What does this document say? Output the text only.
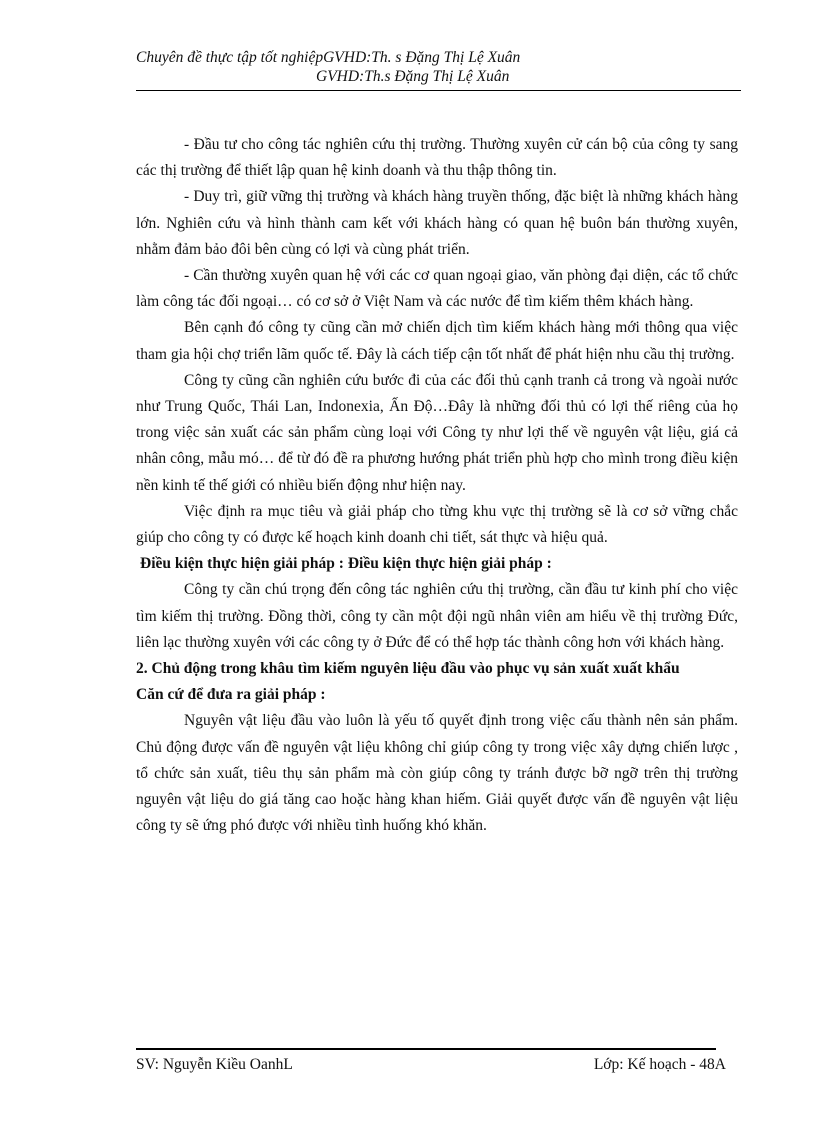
Chuyên đề thực tập tốt nghiệpGVHD:Th. s Đặng Thị Lệ Xuân
GVHD:Th.s Đặng Thị Lệ Xuân

- Đầu tư cho công tác nghiên cứu thị trường. Thường xuyên cử cán bộ của công ty sang các thị trường để thiết lập quan hệ kinh doanh và thu thập thông tin.

- Duy trì, giữ vững thị trường và khách hàng truyền thống, đặc biệt là những khách hàng lớn. Nghiên cứu và hình thành cam kết với khách hàng có quan hệ buôn bán thường xuyên, nhằm đảm bảo đôi bên cùng có lợi và cùng phát triển.

- Cần thường xuyên quan hệ với các cơ quan ngoại giao, văn phòng đại diện, các tổ chức làm công tác đối ngoại… có cơ sở ở Việt Nam và các nước để tìm kiếm thêm khách hàng.

Bên cạnh đó công ty cũng cần mở chiến dịch tìm kiếm khách hàng mới thông qua việc tham gia hội chợ triển lãm quốc tế. Đây là cách tiếp cận tốt nhất để phát hiện nhu cầu thị trường.

Công ty cũng cần nghiên cứu bước đi của các đối thủ cạnh tranh cả trong và ngoài nước như Trung Quốc, Thái Lan, Indonexia, Ấn Độ…Đây là những đối thủ có lợi thế riêng của họ trong việc sản xuất các sản phẩm cùng loại với Công ty như lợi thế về nguyên vật liệu, giá cả nhân công, mẫu mó… để từ đó đề ra phương hướng phát triển phù hợp cho mình trong điều kiện nền kinh tế thế giới có nhiều biến động như hiện nay.

Việc định ra mục tiêu và giải pháp cho từng khu vực thị trường sẽ là cơ sở vững chắc giúp cho công ty có được kế hoạch kinh doanh chi tiết, sát thực và hiệu quả.

Điều kiện thực hiện giải pháp : Điều kiện thực hiện giải pháp :

Công ty cần chú trọng đến công tác nghiên cứu thị trường, cần đầu tư kinh phí cho việc tìm kiếm thị trường. Đồng thời, công ty cần một đội ngũ nhân viên am hiểu về thị trường Đức, liên lạc thường xuyên với các công ty ở Đức để có thể hợp tác thành công hơn với khách hàng.

2. Chủ động trong khâu tìm kiếm nguyên liệu đầu vào phục vụ sản xuất xuất khẩu
Căn cứ để đưa ra giải pháp :

Nguyên vật liệu đầu vào luôn là yếu tố quyết định trong việc cấu thành nên sản phẩm. Chủ động được vấn đề nguyên vật liệu không chỉ giúp công ty trong việc xây dựng chiến lược , tổ chức sản xuất, tiêu thụ sản phẩm mà còn giúp công ty tránh được bỡ ngỡ trên thị trường nguyên vật liệu do giá tăng cao hoặc hàng khan hiếm. Giải quyết được vấn đề nguyên vật liệu công ty sẽ ứng phó được với nhiều tình huống khó khăn.

SV: Nguyễn Kiều OanhL	Lớp: Kế hoạch - 48A
